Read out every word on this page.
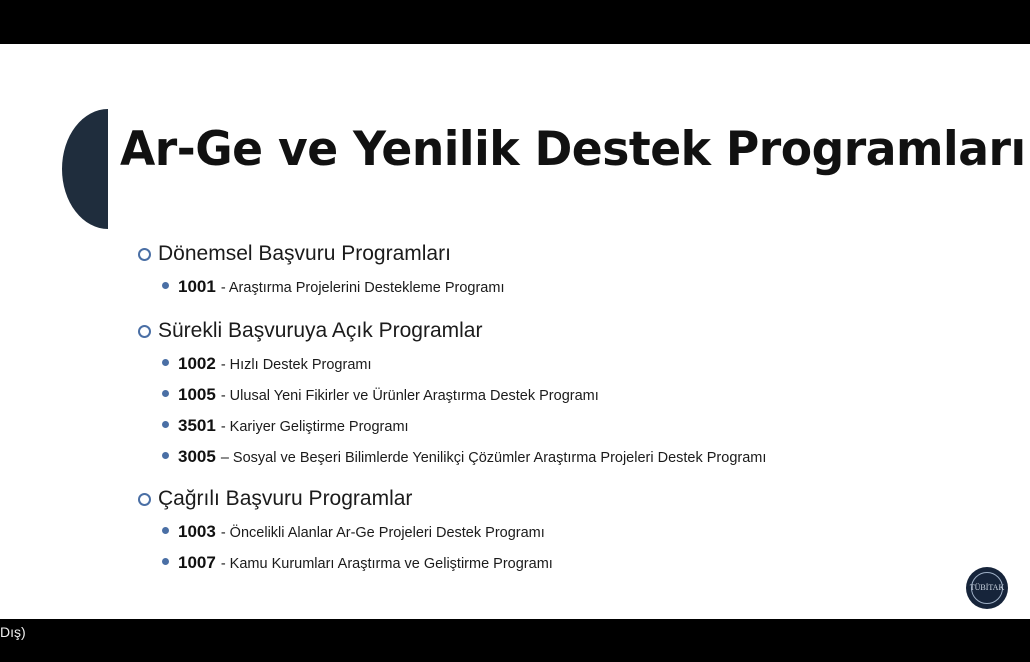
Ar-Ge ve Yenilik Destek Programları
Dönemsel Başvuru Programları
1001 - Araştırma Projelerini Destekleme Programı
Sürekli Başvuruya Açık Programlar
1002 - Hızlı Destek Programı
1005 - Ulusal Yeni Fikirler ve Ürünler Araştırma Destek Programı
3501 - Kariyer Geliştirme Programı
3005 – Sosyal ve Beşeri Bilimlerde Yenilikçi Çözümler Araştırma Projeleri Destek Programı
Çağrılı Başvuru Programlar
1003 - Öncelikli Alanlar Ar-Ge Projeleri Destek Programı
1007 - Kamu Kurumları Araştırma ve Geliştirme Programı
TÜBİTAK
Dış)
